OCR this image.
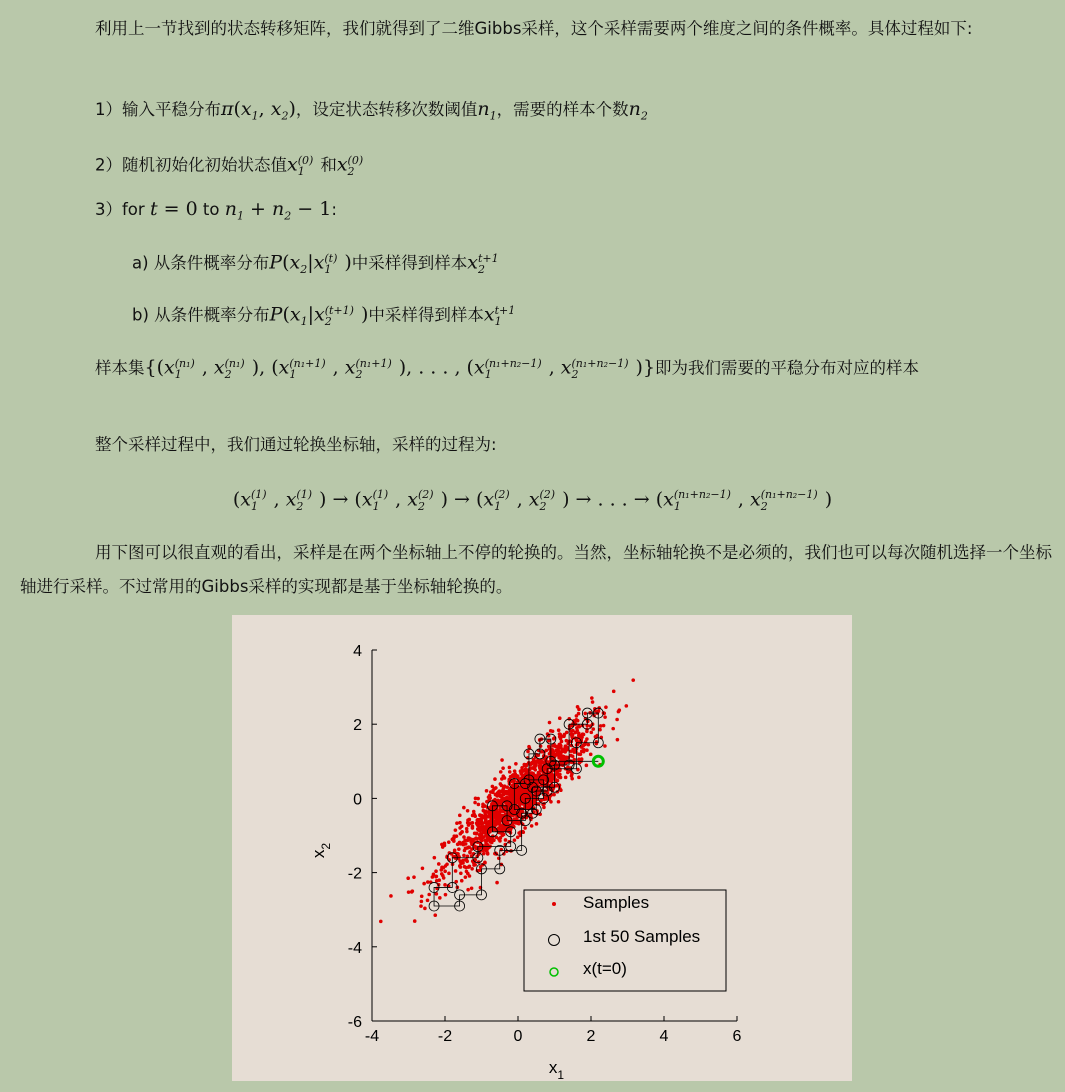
利用上一节找到的状态转移矩阵，我们就得到了二维Gibbs采样，这个采样需要两个维度之间的条件概率。具体过程如下:
1）输入平稳分布$\pi(x_1$, $x_2$)，设定状态转移次数阈值$n_1$，需要的样本个数$n_2$
2）随机初始化初始状态值$x_1^{(0)}$ 和$x_2^{(0)}$
3）for t = 0 to $n_1 + n_2 - 1$:
a) 从条件概率分布$P(x_2|x_1^{(t)}$ )中采样得到样本$x_2^{t+1}$
b) 从条件概率分布$P(x_1|x_2^{(t+1)}$ )中采样得到样本$x_1^{t+1}$
样本集{($x_1^{(n_1)}$ , $x_2^{(n_1)}$ ), ($x_1^{(n_1+1)}$ , $x_2^{(n_1+1)}$ ), . . . , ($x_1^{(n_1+n_2-1)}$ , $x_2^{(n_1+n_2-1)}$ )}即为我们需要的平稳分布对应的样本

整个采样过程中，我们通过轮换坐标轴，采样的过程为:
($x_1^{(1)}$ , $x_2^{(1)}$ ) → ($x_1^{(1)}$ , $x_2^{(2)}$ ) → ($x_1^{(2)}$ , $x_2^{(2)}$ ) → . . . → ($x_1^{(n_1+n_2-1)}$ , $x_2^{(n_1+n_2-1)}$ )
用下图可以很直观的看出，采样是在两个坐标轴上不停的轮换的。当然，坐标轴轮换不是必须的，我们也可以每次随机选择一个坐标轴进行采样。不过常用的Gibbs采样的实现都是基于坐标轴轮换的。
-4	-2	0	2	4	6
4
2
0
-2
-4
-6
$x_1$
$x_2$
Samples
1st 50 Samples
x(t=0)
